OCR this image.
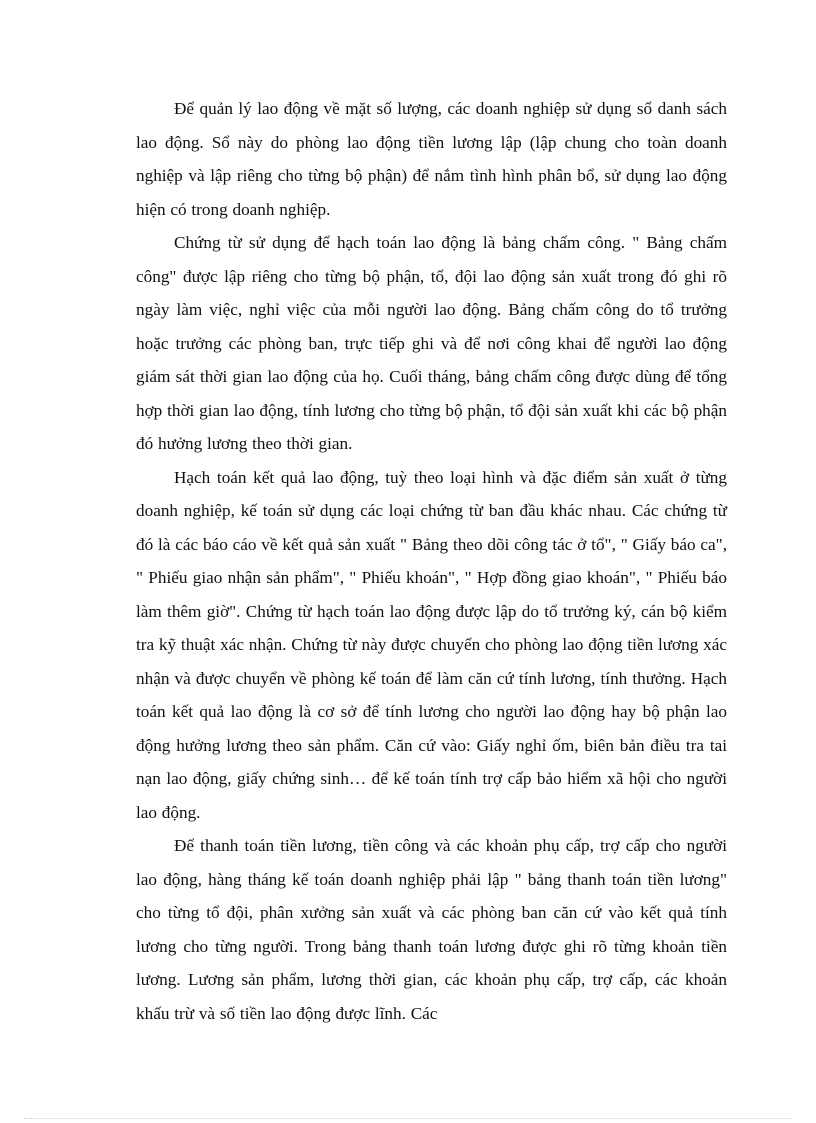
Để quản lý lao động về mặt số lượng, các doanh nghiệp sử dụng sổ danh sách lao động. Sổ này do phòng lao động tiền lương lập (lập chung cho toàn doanh nghiệp và lập riêng cho từng bộ phận) để nắm tình hình phân bổ, sử dụng lao động hiện có trong doanh nghiệp.

Chứng từ sử dụng để hạch toán lao động là bảng chấm công. " Bảng chấm công" được lập riêng cho từng bộ phận, tổ, đội lao động sản xuất trong đó ghi rõ ngày làm việc, nghỉ việc của mỗi người lao động. Bảng chấm công do tổ trưởng hoặc trưởng các phòng ban, trực tiếp ghi và để nơi công khai để người lao động giám sát thời gian lao động của họ. Cuối tháng, bảng chấm công được dùng để tổng hợp thời gian lao động, tính lương cho từng bộ phận, tổ đội sản xuất khi các bộ phận đó hưởng lương theo thời gian.

Hạch toán kết quả lao động, tuỳ theo loại hình và đặc điểm sản xuất ở từng doanh nghiệp, kế toán sử dụng các loại chứng từ ban đầu khác nhau. Các chứng từ đó là các báo cáo về kết quả sản xuất " Bảng theo dõi công tác ở tổ", " Giấy báo ca", " Phiếu giao nhận sản phẩm", " Phiếu khoán", " Hợp đồng giao khoán", " Phiếu báo làm thêm giờ". Chứng từ hạch toán lao động được lập do tổ trưởng ký, cán bộ kiểm tra kỹ thuật xác nhận. Chứng từ này được chuyển cho phòng lao động tiền lương xác nhận và được chuyển về phòng kế toán để làm căn cứ tính lương, tính thưởng. Hạch toán kết quả lao động là cơ sở để tính lương cho người lao động hay bộ phận lao động hưởng lương theo sản phẩm. Căn cứ vào: Giấy nghỉ ốm, biên bản điều tra tai nạn lao động, giấy chứng sinh… để kế toán tính trợ cấp bảo hiểm xã hội cho người lao động.

Để thanh toán tiền lương, tiền công và các khoản phụ cấp, trợ cấp cho người lao động, hàng tháng kế toán doanh nghiệp phải lập " bảng thanh toán tiền lương" cho từng tổ đội, phân xưởng sản xuất và các phòng ban căn cứ vào kết quả tính lương cho từng người. Trong bảng thanh toán lương được ghi rõ từng khoản tiền lương. Lương sản phẩm, lương thời gian, các khoản phụ cấp, trợ cấp, các khoản khấu trừ và số tiền lao động được lĩnh. Các
